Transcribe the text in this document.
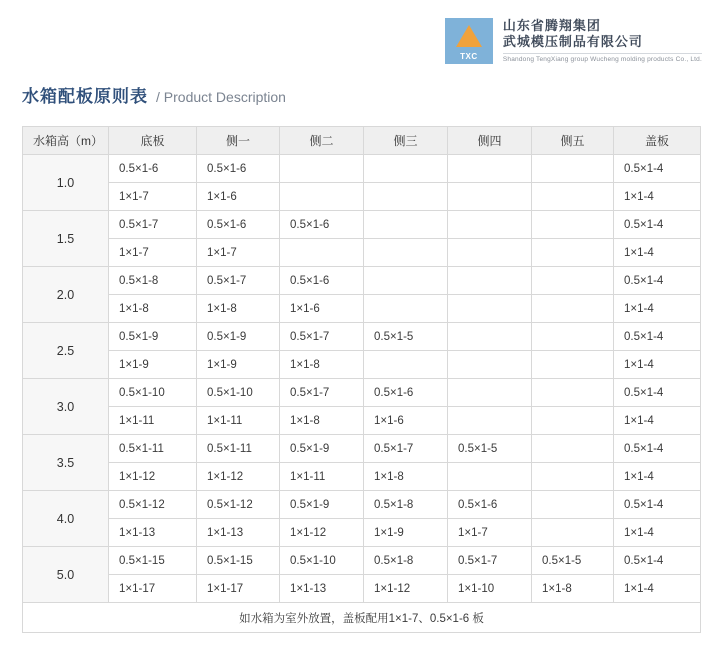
TXC
山东省腾翔集团
武城模压制品有限公司
Shandong TengXiang group Wucheng molding products Co., Ltd.
水箱配板原则表 / Product Description
水箱高（m）	底板	侧一	侧二	侧三	侧四	侧五	盖板
1.0	0.5×1-6	0.5×1-6					0.5×1-4
	1×1-7	1×1-6					1×1-4
1.5	0.5×1-7	0.5×1-6	0.5×1-6				0.5×1-4
	1×1-7	1×1-7					1×1-4
2.0	0.5×1-8	0.5×1-7	0.5×1-6				0.5×1-4
	1×1-8	1×1-8	1×1-6				1×1-4
2.5	0.5×1-9	0.5×1-9	0.5×1-7	0.5×1-5			0.5×1-4
	1×1-9	1×1-9	1×1-8				1×1-4
3.0	0.5×1-10	0.5×1-10	0.5×1-7	0.5×1-6			0.5×1-4
	1×1-11	1×1-11	1×1-8	1×1-6			1×1-4
3.5	0.5×1-11	0.5×1-11	0.5×1-9	0.5×1-7	0.5×1-5		0.5×1-4
	1×1-12	1×1-12	1×1-11	1×1-8			1×1-4
4.0	0.5×1-12	0.5×1-12	0.5×1-9	0.5×1-8	0.5×1-6		0.5×1-4
	1×1-13	1×1-13	1×1-12	1×1-9	1×1-7		1×1-4
5.0	0.5×1-15	0.5×1-15	0.5×1-10	0.5×1-8	0.5×1-7	0.5×1-5	0.5×1-4
	1×1-17	1×1-17	1×1-13	1×1-12	1×1-10	1×1-8	1×1-4
如水箱为室外放置，盖板配用1×1-7、0.5×1-6 板							
